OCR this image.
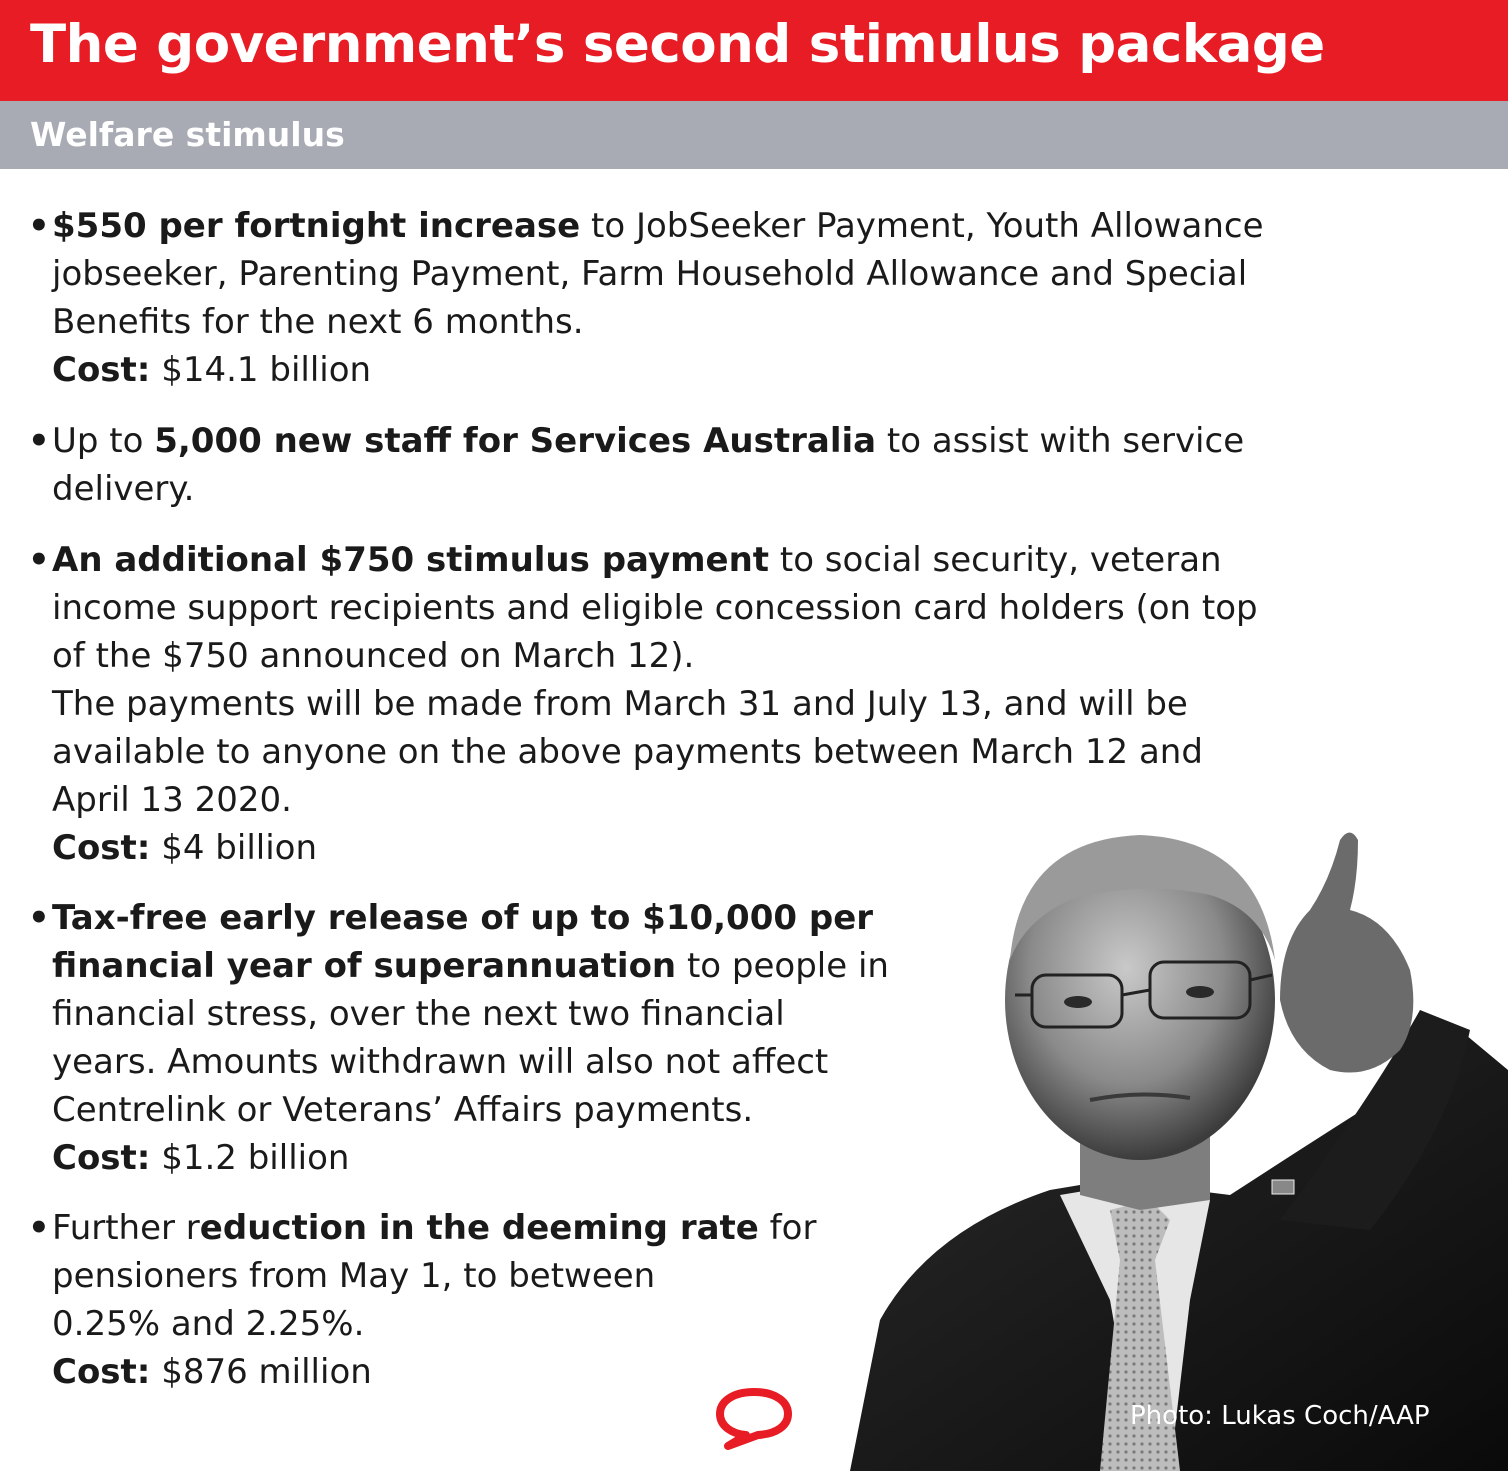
The government’s second stimulus package
Welfare stimulus
•$550 per fortnight increase to JobSeeker Payment, Youth Allowance
jobseeker, Parenting Payment, Farm Household Allowance and Special
Benefits for the next 6 months.
Cost: $14.1 billion
•Up to 5,000 new staff for Services Australia to assist with service
delivery.
•An additional $750 stimulus payment to social security, veteran
income support recipients and eligible concession card holders (on top
of the $750 announced on March 12).
The payments will be made from March 31 and July 13, and will be
available to anyone on the above payments between March 12 and
April 13 2020.
Cost: $4 billion
•Tax-free early release of up to $10,000 per
financial year of superannuation to people in
financial stress, over the next two financial
years. Amounts withdrawn will also not affect
Centrelink or Veterans’ Affairs payments.
Cost: $1.2 billion
•Further reduction in the deeming rate for
pensioners from May 1, to between
0.25% and 2.25%.
Cost: $876 million
Photo: Lukas Coch/AAP
